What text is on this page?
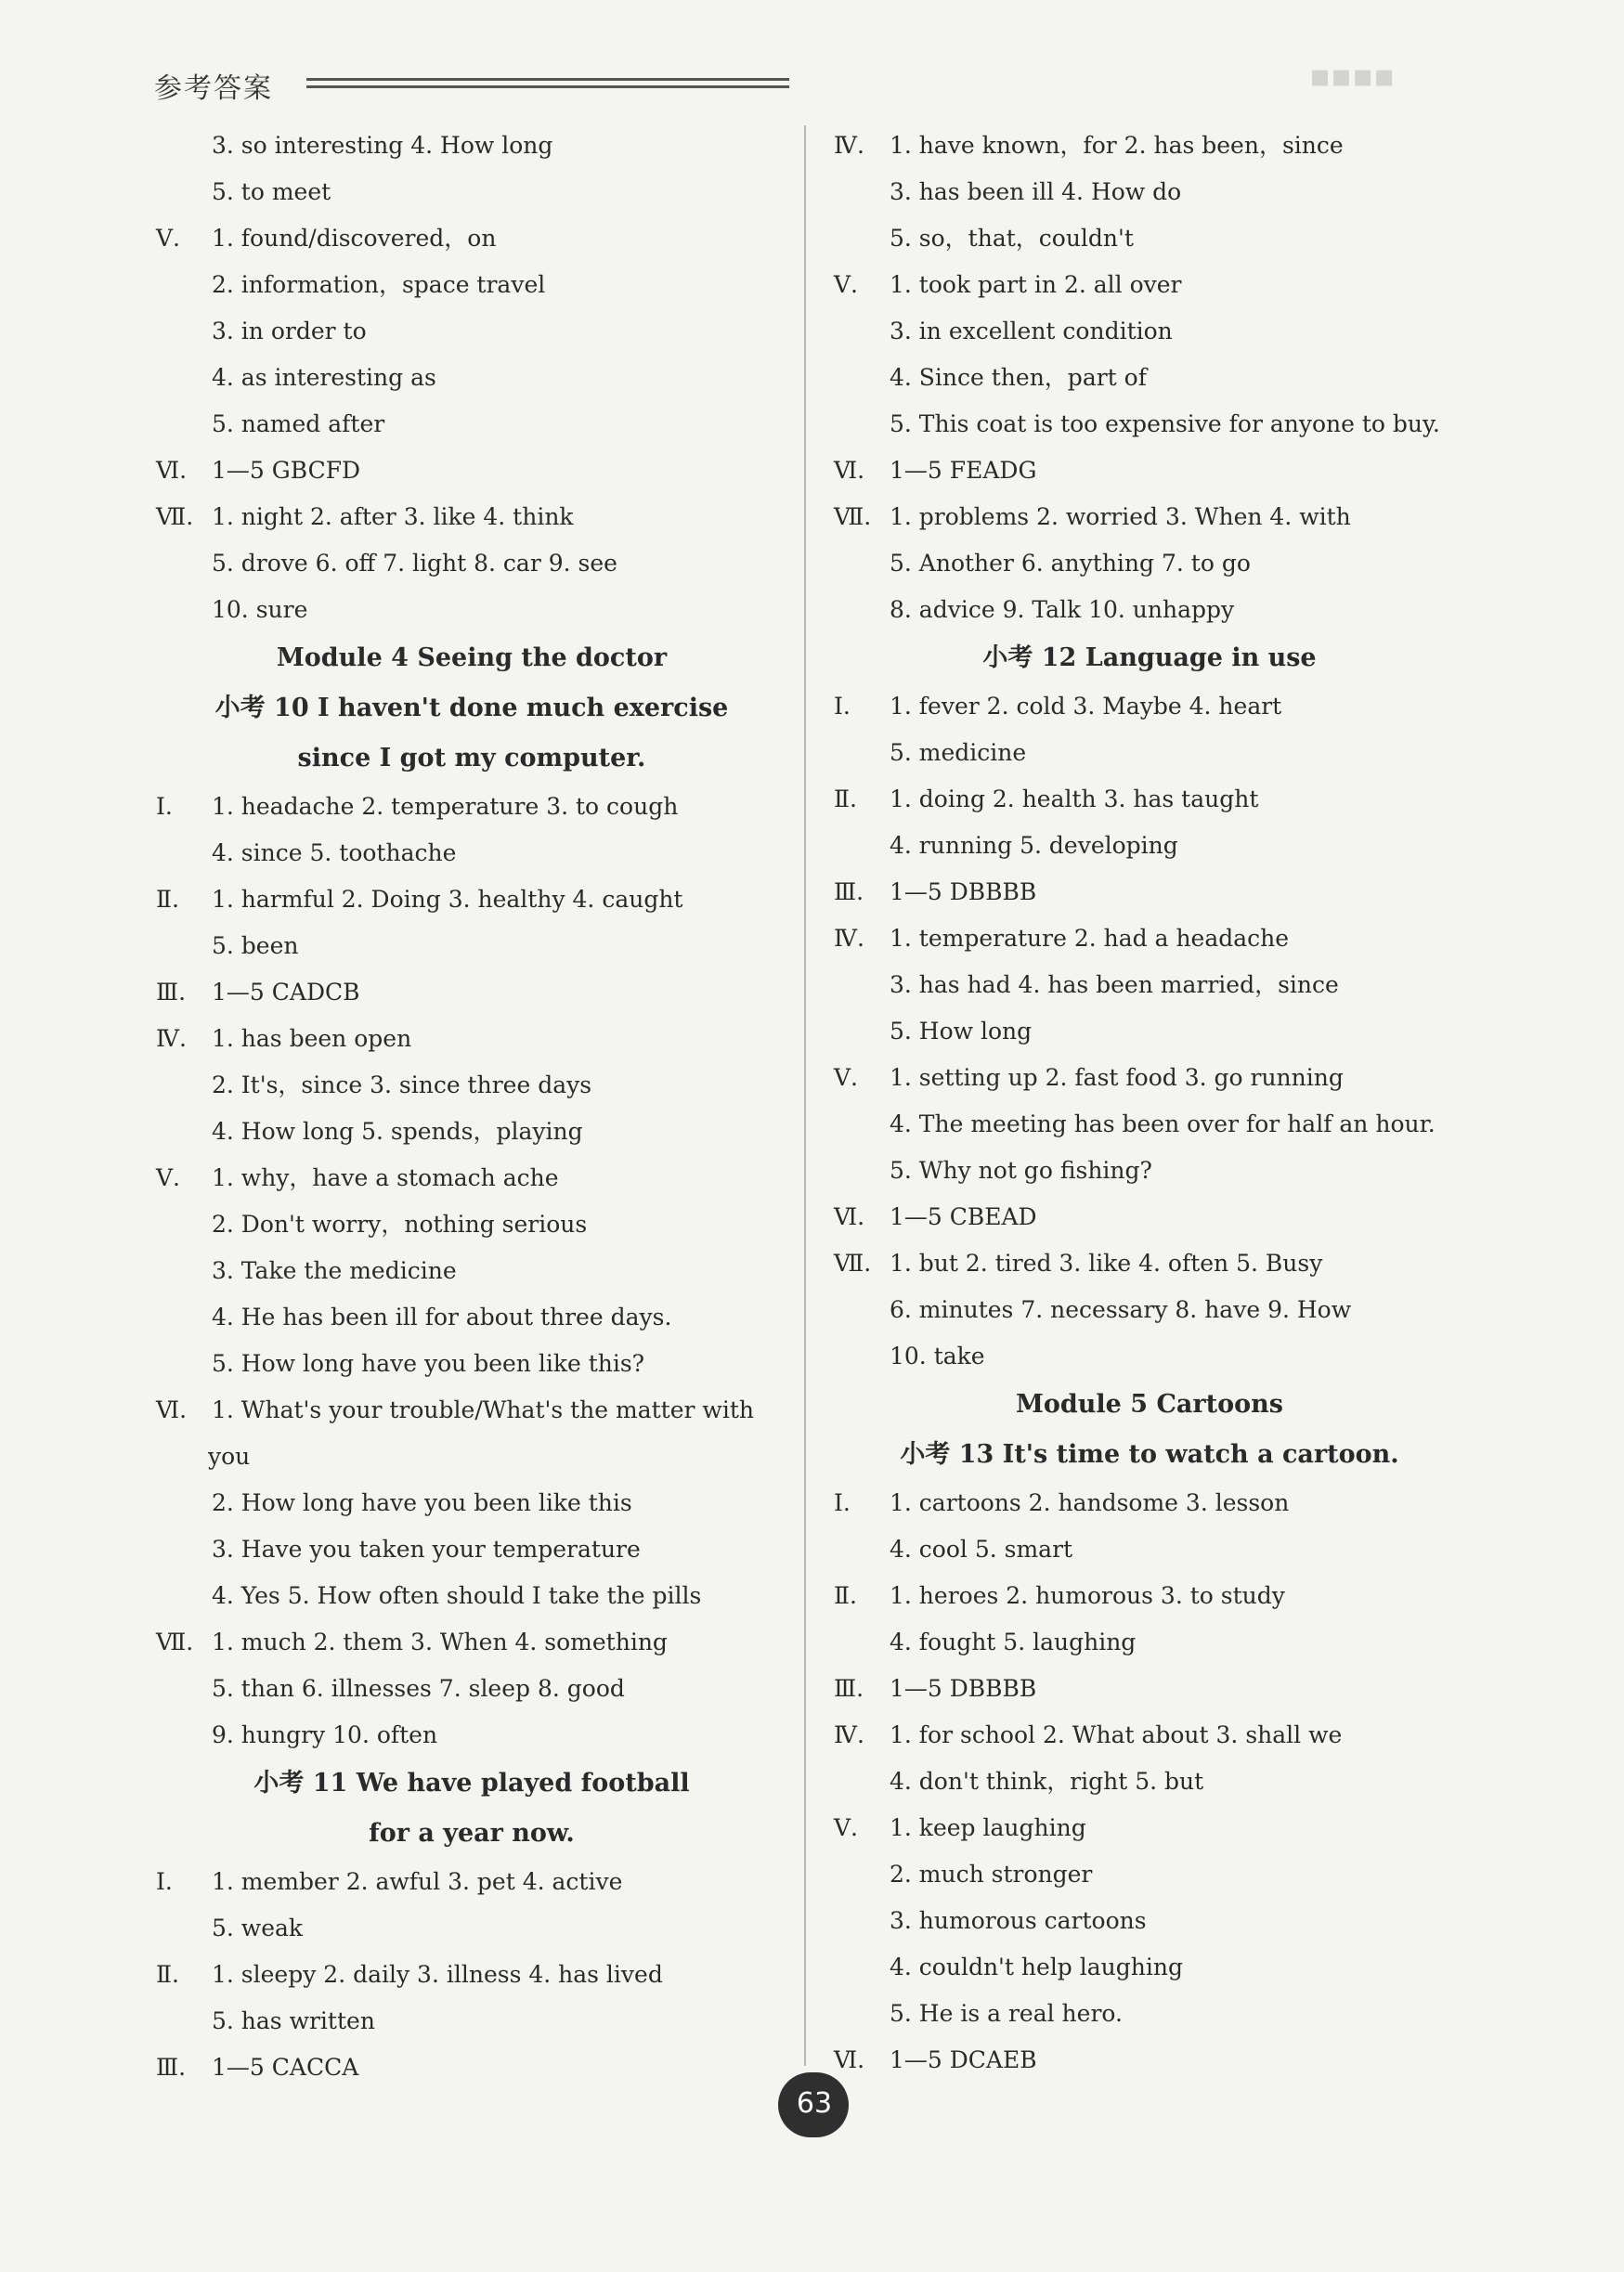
参考答案	▪▪▪▪
3. so interesting 4. How long
5. to meet
Ⅴ.	1. found/discovered，on
2. information，space travel
3. in order to
4. as interesting as
5. named after
Ⅵ.	1—5 GBCFD
Ⅶ. 1. night 2. after 3. like 4. think
5. drove 6. off 7. light 8. car 9. see
10. sure
Module 4 Seeing the doctor
小考 10 I haven't done much exercise
since I got my computer.
Ⅰ.	1. headache 2. temperature 3. to cough
4. since 5. toothache
Ⅱ.	1. harmful 2. Doing 3. healthy 4. caught
5. been
Ⅲ.	1—5 CADCB
Ⅳ.	1. has been open
2. It's，since 3. since three days
4. How long 5. spends，playing
Ⅴ.	1. why，have a stomach ache
2. Don't worry，nothing serious
3. Take the medicine
4. He has been ill for about three days.
5. How long have you been like this?
Ⅵ.	1. What's your trouble/What's the matter with
you
2. How long have you been like this
3. Have you taken your temperature
4. Yes 5. How often should I take the pills
Ⅶ. 1. much 2. them 3. When 4. something
5. than 6. illnesses 7. sleep 8. good
9. hungry 10. often
小考 11 We have played football
for a year now.
Ⅰ.	1. member 2. awful 3. pet 4. active
5. weak
Ⅱ.	1. sleepy 2. daily 3. illness 4. has lived
5. has written
Ⅲ.	1—5 CACCA
Ⅳ.	1. have known，for 2. has been，since
3. has been ill 4. How do
5. so，that，couldn't
Ⅴ.	1. took part in 2. all over
3. in excellent condition
4. Since then，part of
5. This coat is too expensive for anyone to buy.
Ⅵ.	1—5 FEADG
Ⅶ. 1. problems 2. worried 3. When 4. with
5. Another 6. anything 7. to go
8. advice 9. Talk 10. unhappy
小考 12 Language in use
Ⅰ.	1. fever 2. cold 3. Maybe 4. heart
5. medicine
Ⅱ.	1. doing 2. health 3. has taught
4. running 5. developing
Ⅲ.	1—5 DBBBB
Ⅳ.	1. temperature 2. had a headache
3. has had 4. has been married，since
5. How long
Ⅴ.	1. setting up 2. fast food 3. go running
4. The meeting has been over for half an hour.
5. Why not go fishing?
Ⅵ.	1—5 CBEAD
Ⅶ. 1. but 2. tired 3. like 4. often 5. Busy
6. minutes 7. necessary 8. have 9. How
10. take
Module 5 Cartoons
小考 13 It's time to watch a cartoon.
Ⅰ.	1. cartoons 2. handsome 3. lesson
4. cool 5. smart
Ⅱ.	1. heroes 2. humorous 3. to study
4. fought 5. laughing
Ⅲ.	1—5 DBBBB
Ⅳ.	1. for school 2. What about 3. shall we
4. don't think，right 5. but
Ⅴ.	1. keep laughing
2. much stronger
3. humorous cartoons
4. couldn't help laughing
5. He is a real hero.
Ⅵ.	1—5 DCAEB
63
